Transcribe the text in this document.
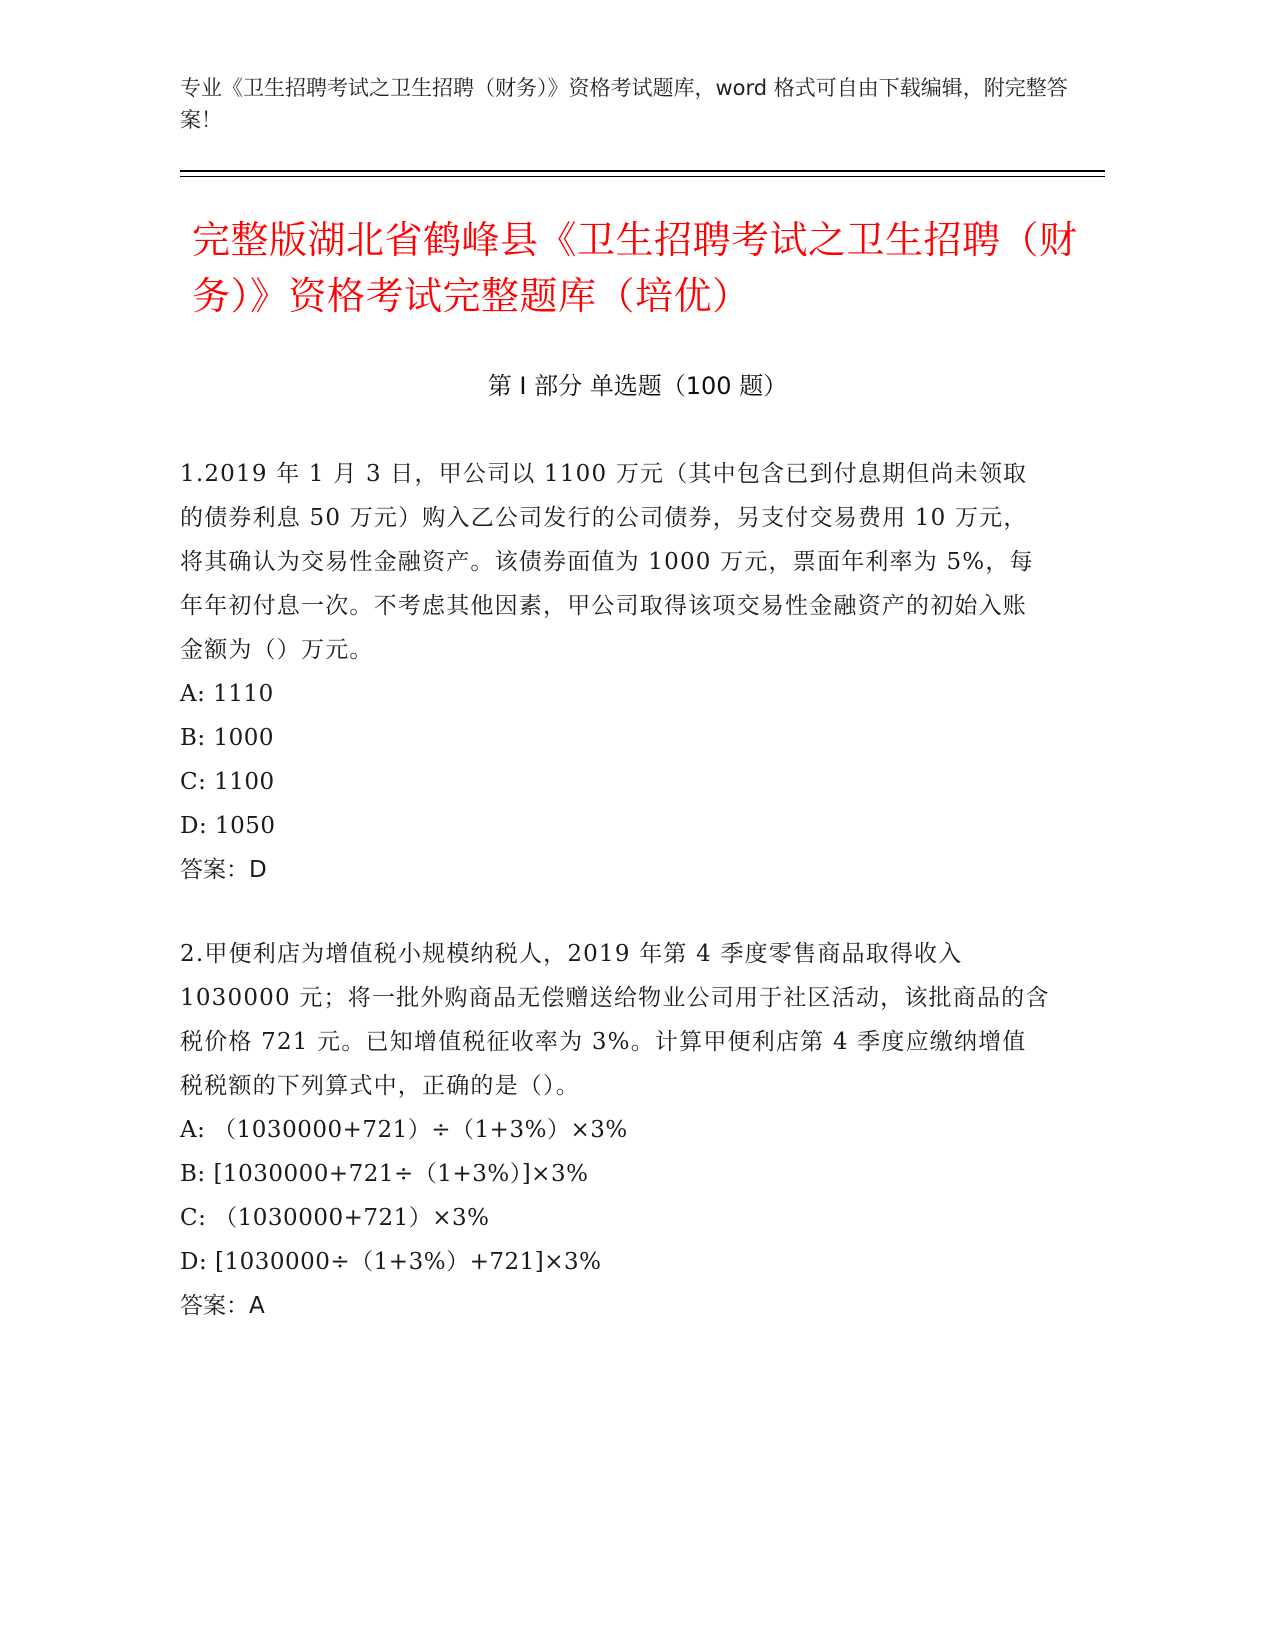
专业《卫生招聘考试之卫生招聘（财务）》资格考试题库，word 格式可自由下载编辑，附完整答案！
完整版湖北省鹤峰县《卫生招聘考试之卫生招聘（财务）》资格考试完整题库（培优）
第 I 部分 单选题（100 题）
1.2019 年 1 月 3 日，甲公司以 1100 万元（其中包含已到付息期但尚未领取的债券利息 50 万元）购入乙公司发行的公司债券，另支付交易费用 10 万元，将其确认为交易性金融资产。该债券面值为 1000 万元，票面年利率为 5%，每年年初付息一次。不考虑其他因素，甲公司取得该项交易性金融资产的初始入账金额为（）万元。
A: 1110
B: 1000
C: 1100
D: 1050
答案：D
2.甲便利店为增值税小规模纳税人，2019 年第 4 季度零售商品取得收入 1030000 元；将一批外购商品无偿赠送给物业公司用于社区活动，该批商品的含税价格 721 元。已知增值税征收率为 3%。计算甲便利店第 4 季度应缴纳增值税税额的下列算式中，正确的是（）。
A: （1030000+721）÷（1+3%）×3%
B: [1030000+721÷（1+3%）]×3%
C: （1030000+721）×3%
D: [1030000÷（1+3%）+721]×3%
答案：A
